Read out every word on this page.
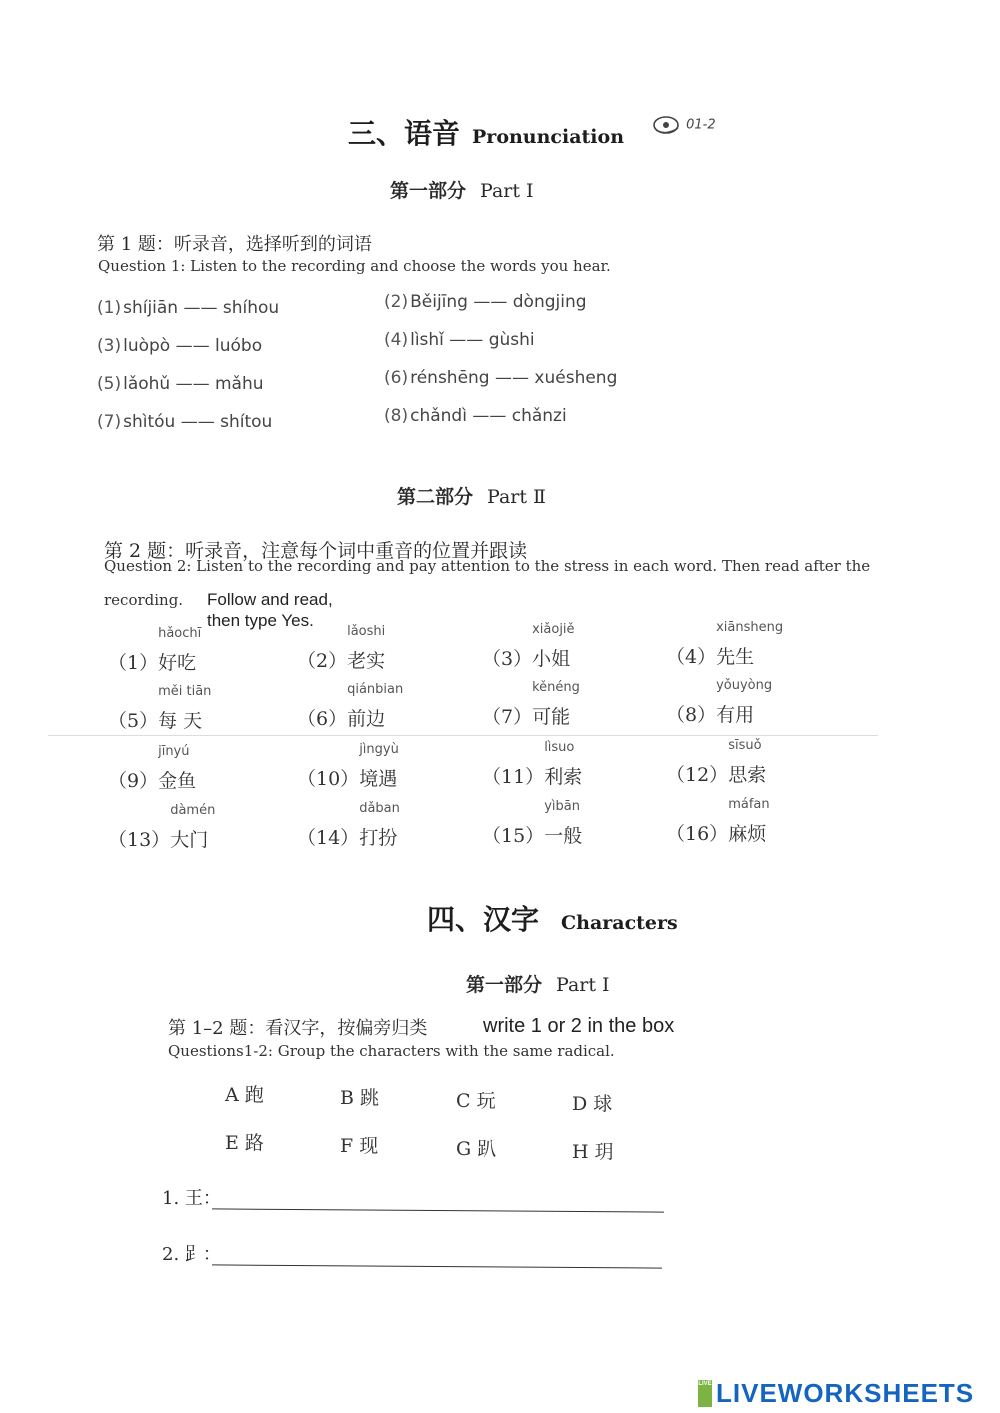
三、语音 Pronunciation
01-2
第一部分 Part Ⅰ
第 1 题：听录音，选择听到的词语
Question 1: Listen to the recording and choose the words you hear.
(1) shíjiān —— shíhou	(2) Běijīng —— dòngjing
(3) luòpò —— luóbo	(4) lìshǐ —— gùshi
(5) lǎohǔ —— mǎhu	(6) rénshēng —— xuésheng
(7) shìtóu —— shítou	(8) chǎndì —— chǎnzi
第二部分 Part Ⅱ
第 2 题：听录音，注意每个词中重音的位置并跟读
Question 2: Listen to the recording and pay attention to the stress in each word. Then read after the
recording. Follow and read,
then type Yes.
（1）
hǎochī
好吃	（2）
lǎoshi
老实	（3）
xiǎojiě
小姐	（4）
xiānsheng
先生
（5）
měi tiān
每 天	（6）
qiánbian
前边	（7）
kěnéng
可能	（8）
yǒuyòng
有用
（9）
jīnyú
金鱼	（10）
jìngyù
境遇	（11）
lìsuo
利索	（12）
sīsuǒ
思索
（13）
dàmén
大门	（14）
dǎban
打扮	（15）
yìbān
一般	（16）
máfan
麻烦
四、汉字 Characters
第一部分 Part Ⅰ
第 1–2 题：看汉字，按偏旁归类	write 1 or 2 in the box
Questions1-2: Group the characters with the same radical.
A 跑	B 跳	C 玩	D 球
E 路	F 现	G 趴	H 玥
1. 王：
2. 𧾷：
LIVE LIVEWORKSHEETS
